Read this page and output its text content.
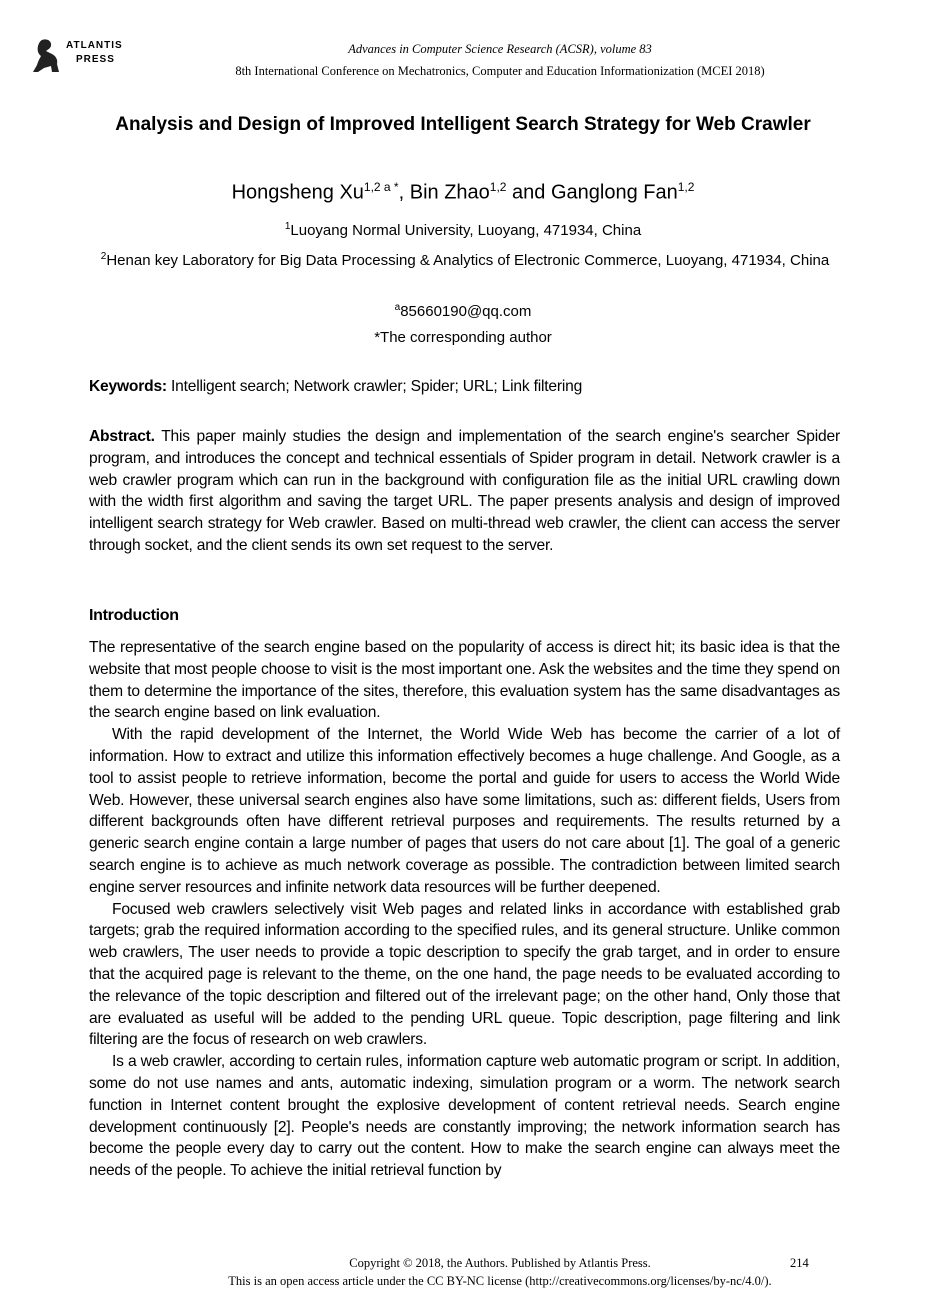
ATLANTIS
PRESS
Advances in Computer Science Research (ACSR), volume 83
8th International Conference on Mechatronics, Computer and Education Informationization (MCEI 2018)
Analysis and Design of Improved Intelligent Search Strategy for Web Crawler
Hongsheng $Xu^{1,2 a *}$, Bin Zhao$^{1,2}$ and Ganglong Fan$^{1,2}$
$^1$Luoyang Normal University, Luoyang, 471934, China
$^2$Henan key Laboratory for Big Data Processing & Analytics of Electronic Commerce, Luoyang, 471934, China
$^a$85660190@qq.com
*The corresponding author
Keywords: Intelligent search; Network crawler; Spider; URL; Link filtering
Abstract. This paper mainly studies the design and implementation of the search engine's searcher Spider program, and introduces the concept and technical essentials of Spider program in detail. Network crawler is a web crawler program which can run in the background with configuration file as the initial URL crawling down with the width first algorithm and saving the target URL. The paper presents analysis and design of improved intelligent search strategy for Web crawler. Based on multi-thread web crawler, the client can access the server through socket, and the client sends its own set request to the server.
Introduction

The representative of the search engine based on the popularity of access is direct hit; its basic idea is that the website that most people choose to visit is the most important one. Ask the websites and the time they spend on them to determine the importance of the sites, therefore, this evaluation system has the same disadvantages as the search engine based on link evaluation.

With the rapid development of the Internet, the World Wide Web has become the carrier of a lot of information. How to extract and utilize this information effectively becomes a huge challenge. And Google, as a tool to assist people to retrieve information, become the portal and guide for users to access the World Wide Web. However, these universal search engines also have some limitations, such as: different fields, Users from different backgrounds often have different retrieval purposes and requirements. The results returned by a generic search engine contain a large number of pages that users do not care about [1]. The goal of a generic search engine is to achieve as much network coverage as possible. The contradiction between limited search engine server resources and infinite network data resources will be further deepened.

Focused web crawlers selectively visit Web pages and related links in accordance with established grab targets; grab the required information according to the specified rules, and its general structure. Unlike common web crawlers, The user needs to provide a topic description to specify the grab target, and in order to ensure that the acquired page is relevant to the theme, on the one hand, the page needs to be evaluated according to the relevance of the topic description and filtered out of the irrelevant page; on the other hand, Only those that are evaluated as useful will be added to the pending URL queue. Topic description, page filtering and link filtering are the focus of research on web crawlers.

Is a web crawler, according to certain rules, information capture web automatic program or script. In addition, some do not use names and ants, automatic indexing, simulation program or a worm. The network search function in Internet content brought the explosive development of content retrieval needs. Search engine development continuously [2]. People's needs are constantly improving; the network information search has become the people every day to carry out the content. How to make the search engine can always meet the needs of the people. To achieve the initial retrieval function by

Copyright © 2018, the Authors. Published by Atlantis Press.	214
This is an open access article under the CC BY-NC license (http://creativecommons.org/licenses/by-nc/4.0/).
